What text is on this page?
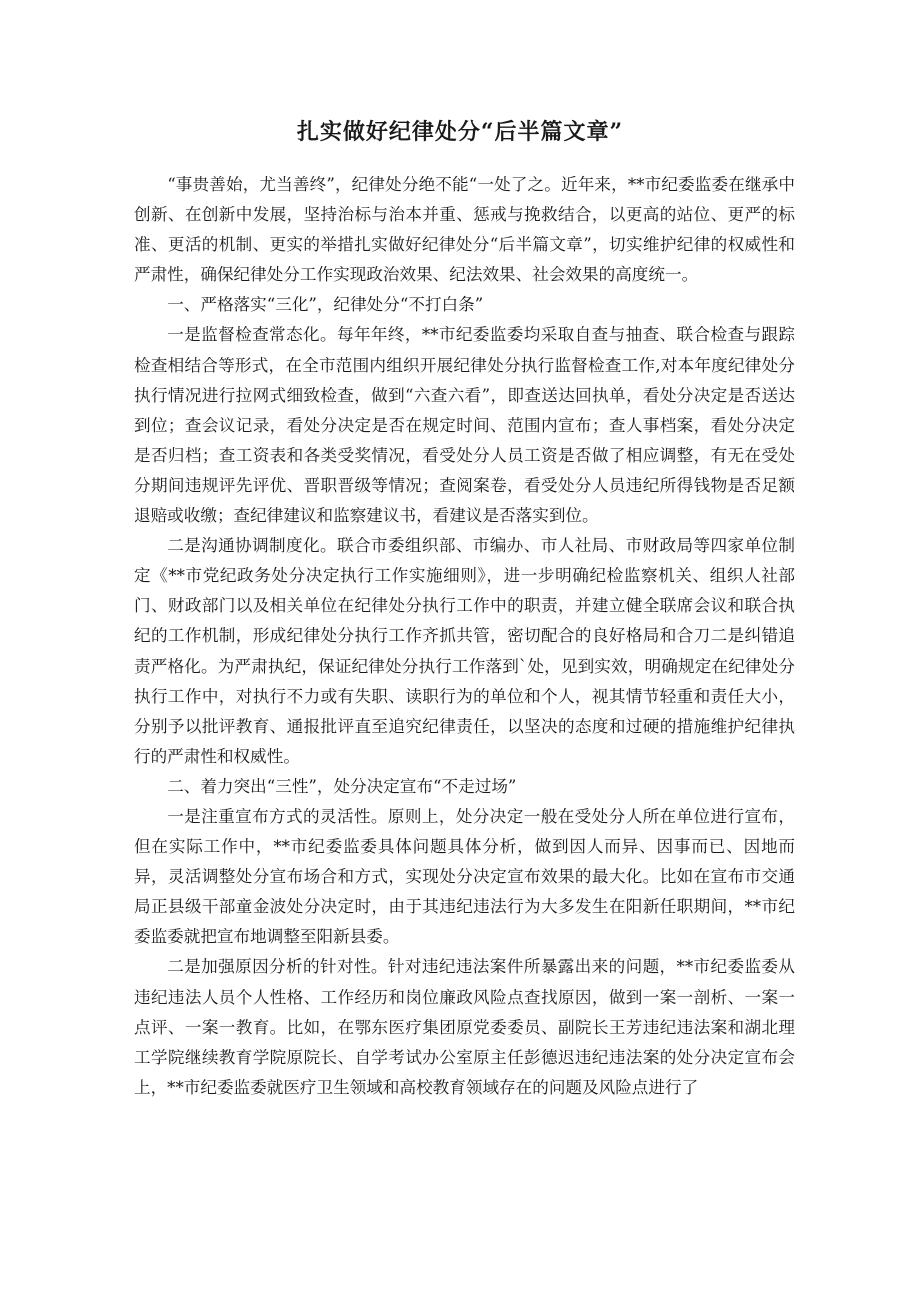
扎实做好纪律处分“后半篇文章”

“事贵善始，尤当善终”，纪律处分绝不能“一处了之。近年来，**市纪委监委在继承中创新、在创新中发展，坚持治标与治本并重、惩戒与挽救结合，以更高的站位、更严的标准、更活的机制、更实的举措扎实做好纪律处分“后半篇文章”，切实维护纪律的权威性和严肃性，确保纪律处分工作实现政治效果、纪法效果、社会效果的高度统一。

一、严格落实“三化”，纪律处分“不打白条”

一是监督检查常态化。每年年终，**市纪委监委均采取自查与抽查、联合检查与跟踪检查相结合等形式，在全市范围内组织开展纪律处分执行监督检查工作,对本年度纪律处分执行情况进行拉网式细致检查，做到“六查六看”，即查送达回执单，看处分决定是否送达到位；查会议记录，看处分决定是否在规定时间、范围内宣布；查人事档案，看处分决定是否归档；查工资表和各类受奖情况，看受处分人员工资是否做了相应调整，有无在受处分期间违规评先评优、晋职晋级等情况；查阅案卷，看受处分人员违纪所得钱物是否足额退赔或收缴；查纪律建议和监察建议书，看建议是否落实到位。

二是沟通协调制度化。联合市委组织部、市编办、市人社局、市财政局等四家单位制定《**市党纪政务处分决定执行工作实施细则》，进一步明确纪检监察机关、组织人社部门、财政部门以及相关单位在纪律处分执行工作中的职责，并建立健全联席会议和联合执纪的工作机制，形成纪律处分执行工作齐抓共管，密切配合的良好格局和合刀二是纠错追责严格化。为严肃执纪，保证纪律处分执行工作落到`处，见到实效，明确规定在纪律处分执行工作中，对执行不力或有失职、读职行为的单位和个人，视其情节轻重和责任大小，分别予以批评教育、通报批评直至追究纪律责任，以坚决的态度和过硬的措施维护纪律执行的严肃性和权威性。

二、着力突出“三性”，处分决定宣布“不走过场”

一是注重宣布方式的灵活性。原则上，处分决定一般在受处分人所在单位进行宣布，但在实际工作中，**市纪委监委具体问题具体分析，做到因人而异、因事而已、因地而异，灵活调整处分宣布场合和方式，实现处分决定宣布效果的最大化。比如在宣布市交通局正县级干部童金波处分决定时，由于其违纪违法行为大多发生在阳新任职期间，**市纪委监委就把宣布地调整至阳新县委。

二是加强原因分析的针对性。针对违纪违法案件所暴露出来的问题，**市纪委监委从违纪违法人员个人性格、工作经历和岗位廉政风险点查找原因，做到一案一剖析、一案一点评、一案一教育。比如，在鄂东医疗集团原党委委员、副院长王芳违纪违法案和湖北理工学院继续教育学院原院长、自学考试办公室原主任彭德迟违纪违法案的处分决定宣布会上，**市纪委监委就医疗卫生领域和高校教育领域存在的问题及风险点进行了
